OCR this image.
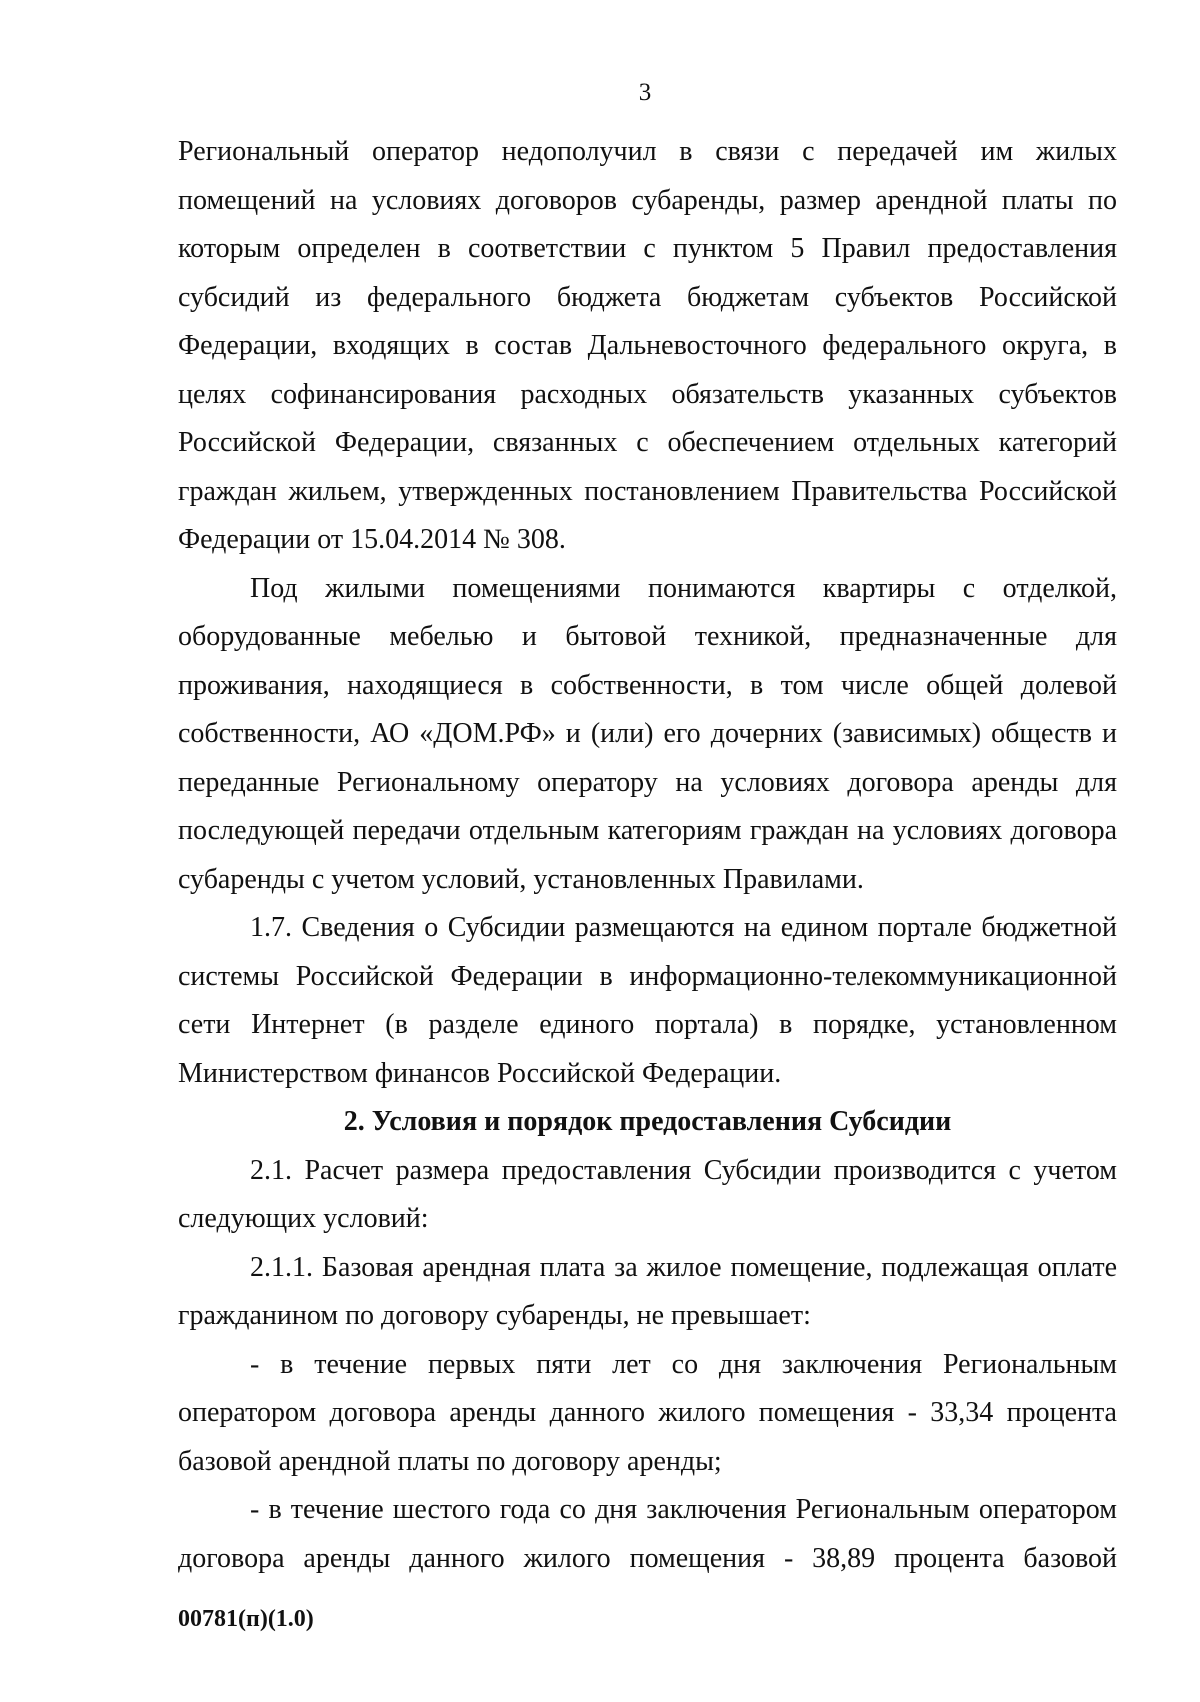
3
Региональный оператор недополучил в связи с передачей им жилых
помещений на условиях договоров субаренды, размер арендной платы по
которым определен в соответствии с пунктом 5 Правил предоставления
субсидий из федерального бюджета бюджетам субъектов Российской
Федерации, входящих в состав Дальневосточного федерального округа, в
целях софинансирования расходных обязательств указанных субъектов
Российской Федерации, связанных с обеспечением отдельных категорий
граждан жильем, утвержденных постановлением Правительства Российской
Федерации от 15.04.2014 № 308.
Под жилыми помещениями понимаются квартиры с отделкой,
оборудованные мебелью и бытовой техникой, предназначенные для
проживания, находящиеся в собственности, в том числе общей долевой
собственности, АО «ДОМ.РФ» и (или) его дочерних (зависимых) обществ и
переданные Региональному оператору на условиях договора аренды для
последующей передачи отдельным категориям граждан на условиях договора
субаренды с учетом условий, установленных Правилами.
1.7. Сведения о Субсидии размещаются на едином портале бюджетной
системы Российской Федерации в информационно-телекоммуникационной
сети Интернет (в разделе единого портала) в порядке, установленном
Министерством финансов Российской Федерации.
2. Условия и порядок предоставления Субсидии
2.1. Расчет размера предоставления Субсидии производится с учетом
следующих условий:
2.1.1. Базовая арендная плата за жилое помещение, подлежащая оплате
гражданином по договору субаренды, не превышает:
- в течение первых пяти лет со дня заключения Региональным
оператором договора аренды данного жилого помещения - 33,34 процента
базовой арендной платы по договору аренды;
- в течение шестого года со дня заключения Региональным оператором
договора аренды данного жилого помещения - 38,89 процента базовой
00781(п)(1.0)
